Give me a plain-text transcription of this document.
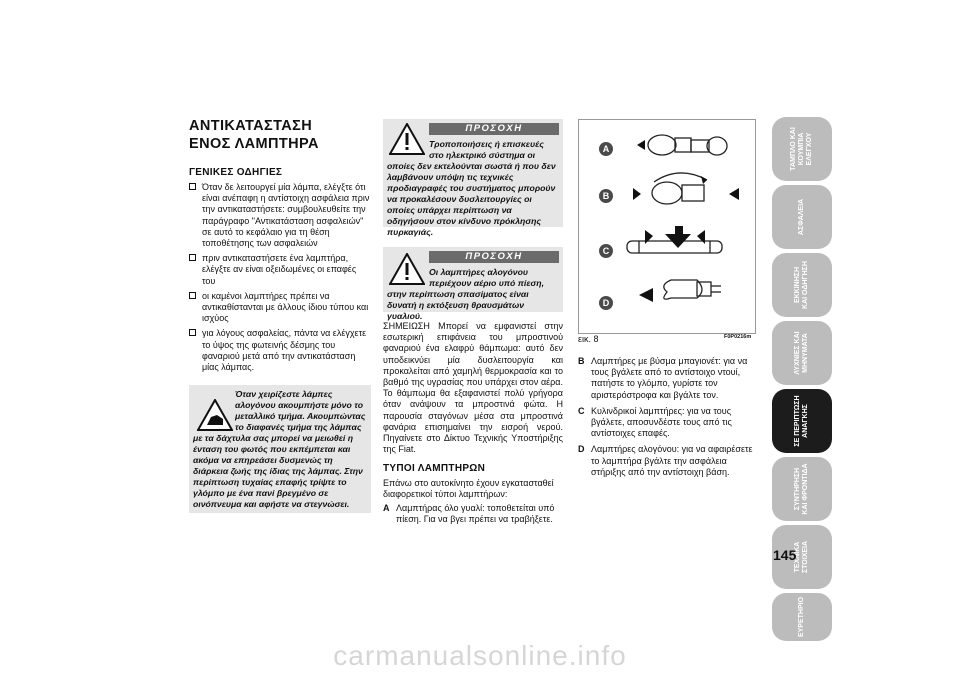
ΑΝΤΙΚΑΤΑΣΤΑΣΗ
ΕΝΟΣ ΛΑΜΠΤΗΡΑ
ΓΕΝΙΚΕΣ ΟΔΗΓΙΕΣ
Όταν δε λειτουργεί μία λάμπα, ελέγξτε ότι είναι ανέπαφη η αντίστοιχη ασφάλεια πριν την αντικαταστήσετε: συμβουλευθείτε την παράγραφο "Αντικατάσταση ασφαλειών" σε αυτό το κεφάλαιο για τη θέση τοποθέτησης των ασφαλειών
πριν αντικαταστήσετε ένα λαμπτήρα, ελέγξτε αν είναι οξειδωμένες οι επαφές του
οι καμένοι λαμπτήρες πρέπει να αντικαθίστανται με άλλους ίδιου τύπου και ισχύος
για λόγους ασφαλείας, πάντα να ελέγχετε το ύψος της φωτεινής δέσμης του φαναριού μετά από την αντικατάσταση μίας λάμπας.
Όταν χειρίζεστε λάμπες αλογόνου ακουμπήστε μόνο το μεταλλικό τμήμα. Ακουμπώντας το διαφανές τμήμα της λάμπας με τα δάχτυλα σας μπορεί να μειωθεί η ένταση του φωτός που εκπέμπεται και ακόμα να επηρεάσει δυσμενώς τη διάρκεια ζωής της ίδιας της λάμπας. Στην περίπτωση τυχαίας επαφής τρίψτε το γλόμπο με ένα πανί βρεγμένο σε οινόπνευμα και αφήστε να στεγνώσει.
ΠΡΟΣΟΧΗ
Τροποποιήσεις ή επισκευές στο ηλεκτρικό σύστημα οι οποίες δεν εκτελούνται σωστά ή που δεν λαμβάνουν υπόψη τις τεχνικές προδιαγραφές του συστήματος μπορούν να προκαλέσουν δυσλειτουργίες οι οποίες υπάρχει περίπτωση να οδηγήσουν στον κίνδυνο πρόκλησης πυρκαγιάς.
ΠΡΟΣΟΧΗ
Οι λαμπτήρες αλογόνου περιέχουν αέριο υπό πίεση, στην περίπτωση σπασίματος είναι δυνατή η εκτόξευση θραυσμάτων γυαλιού.
ΣΗΜΕΙΩΣΗ Μπορεί να εμφανιστεί στην εσωτερική επιφάνεια του μπροστινού φαναριού ένα ελαφρύ θάμπωμα: αυτό δεν υποδεικνύει μία δυσλειτουργία και προκαλείται από χαμηλή θερμοκρασία και το βαθμό της υγρασίας που υπάρχει στον αέρα. Το θάμπωμα θα εξαφανιστεί πολύ γρήγορα όταν ανάψουν τα μπροστινά φώτα. Η παρουσία σταγόνων μέσα στα μπροστινά φανάρια επισημαίνει την εισροή νερού. Πηγαίνετε στο Δίκτυο Τεχνικής Υποστήριξης της Fiat.
ΤΥΠΟΙ ΛΑΜΠΤΗΡΩΝ
Επάνω στο αυτοκίνητο έχουν εγκατασταθεί διαφορετικοί τύποι λαμπτήρων:
A Λαμπτήρας όλο γυαλί: τοποθετείται υπό πίεση. Για να βγει πρέπει να τραβήξετε.
A
B
C
D
εικ. 8	F0P0216m
B Λαμπτήρες με βύσμα μπαγιονέτ: για να τους βγάλετε από το αντίστοιχο ντουί, πατήστε το γλόμπο, γυρίστε τον αριστερόστροφα και βγάλτε τον.
C Κυλινδρικοί λαμπτήρες: για να τους βγάλετε, αποσυνδέστε τους από τις αντίστοιχες επαφές.
D Λαμπτήρες αλογόνου: για να αφαιρέσετε το λαμπτήρα βγάλτε την ασφάλεια στήριξης από την αντίστοιχη βάση.
ΤΑΜΠΛΟ ΚΑΙ
ΚΟΥΜΠΙΑ
ΕΛΕΓΧΟΥ
ΑΣΦΑΛΕΙΑ
ΕΚΚΙΝΗΣΗ
ΚΑΙ ΟΔΗΓΗΣΗ
ΛΥΧΝΙΕΣ ΚΑΙ
ΜΗΝΥΜΑΤΑ
ΣΕ ΠΕΡΙΠΤΩΣΗ
ΑΝΑΓΚΗΣ
ΣΥΝΤΗΡΗΣΗ
ΚΑΙ ΦΡΟΝΤΙΔΑ
ΤΕΧΝΙΚΑ
ΣΤΟΙΧΕΙΑ
ΕΥΡΕΤΗΡΙΟ
145
carmanualsonline.info
